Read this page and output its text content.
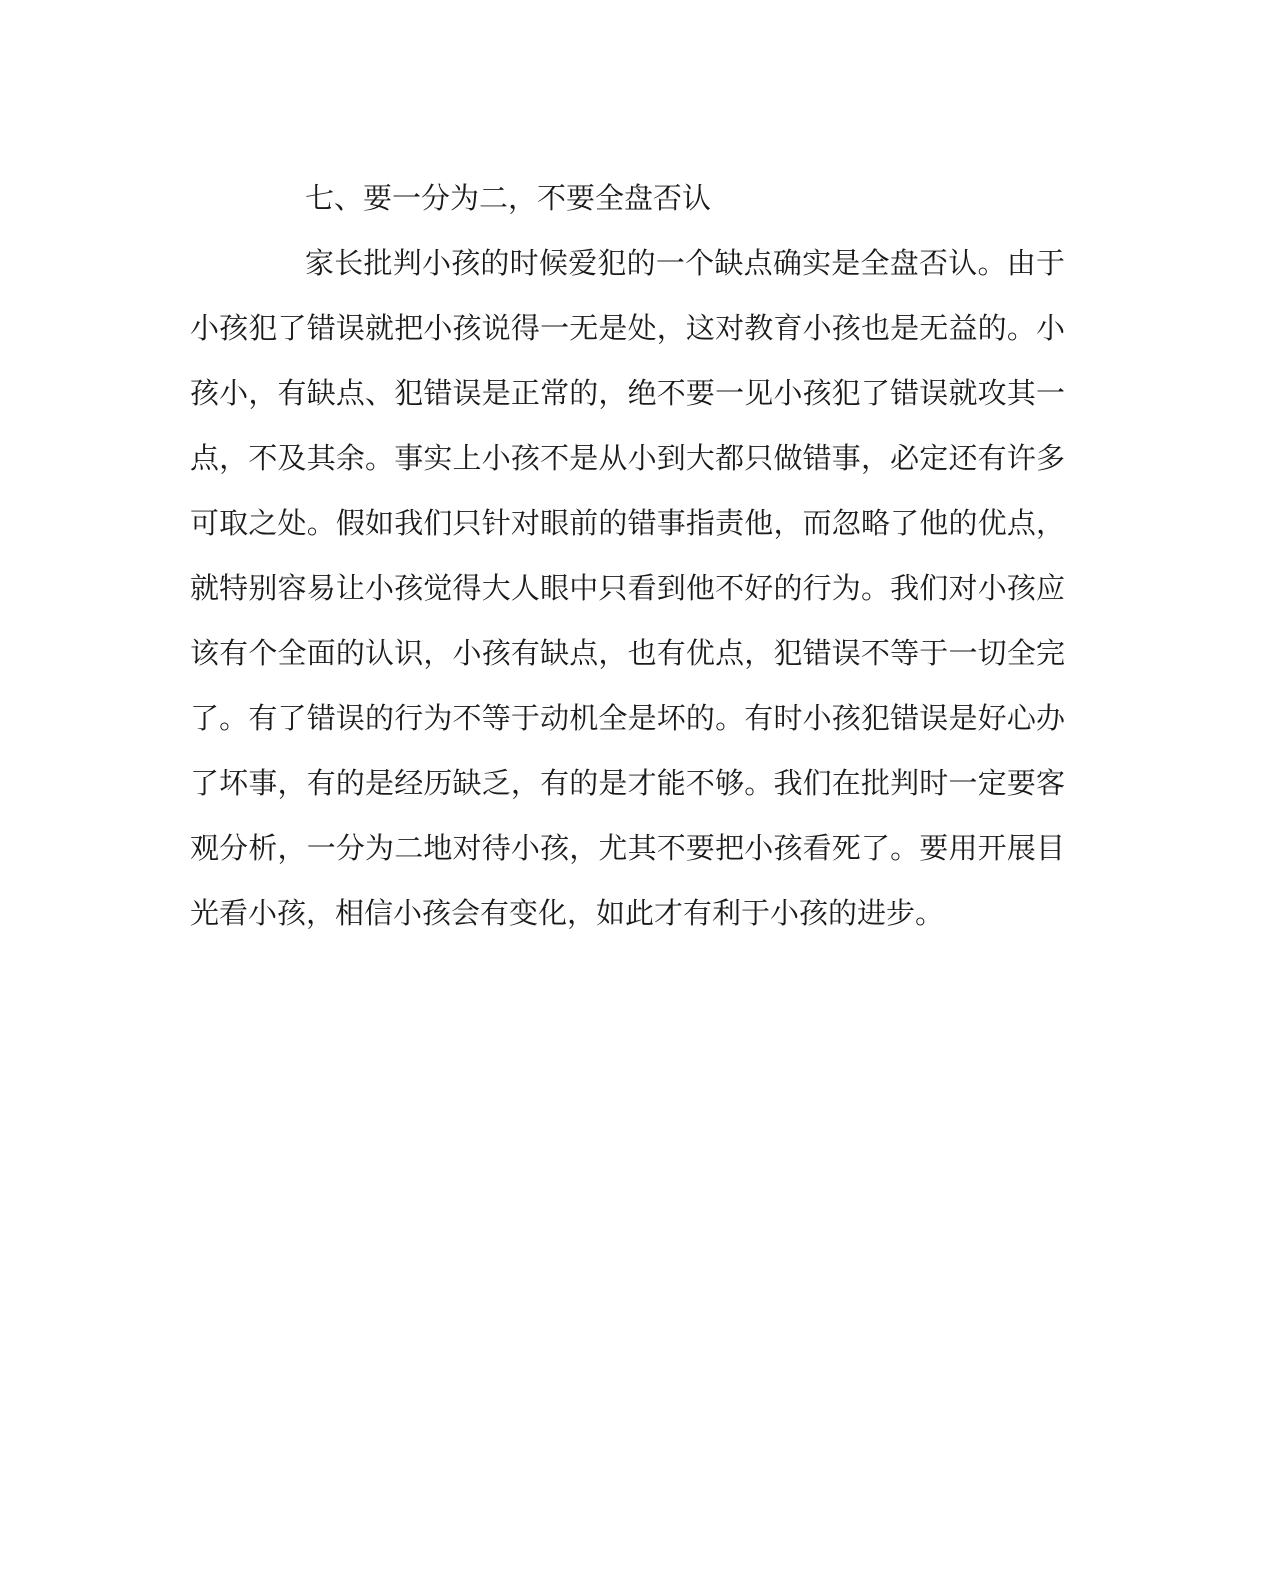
七、要一分为二，不要全盘否认
家长批判小孩的时候爱犯的一个缺点确实是全盘否认。由于
小孩犯了错误就把小孩说得一无是处，这对教育小孩也是无益的。小
孩小，有缺点、犯错误是正常的，绝不要一见小孩犯了错误就攻其一
点，不及其余。事实上小孩不是从小到大都只做错事，必定还有许多
可取之处。假如我们只针对眼前的错事指责他，而忽略了他的优点，
就特别容易让小孩觉得大人眼中只看到他不好的行为。我们对小孩应
该有个全面的认识，小孩有缺点，也有优点，犯错误不等于一切全完
了。有了错误的行为不等于动机全是坏的。有时小孩犯错误是好心办
了坏事，有的是经历缺乏，有的是才能不够。我们在批判时一定要客
观分析，一分为二地对待小孩，尤其不要把小孩看死了。要用开展目
光看小孩，相信小孩会有变化，如此才有利于小孩的进步。
